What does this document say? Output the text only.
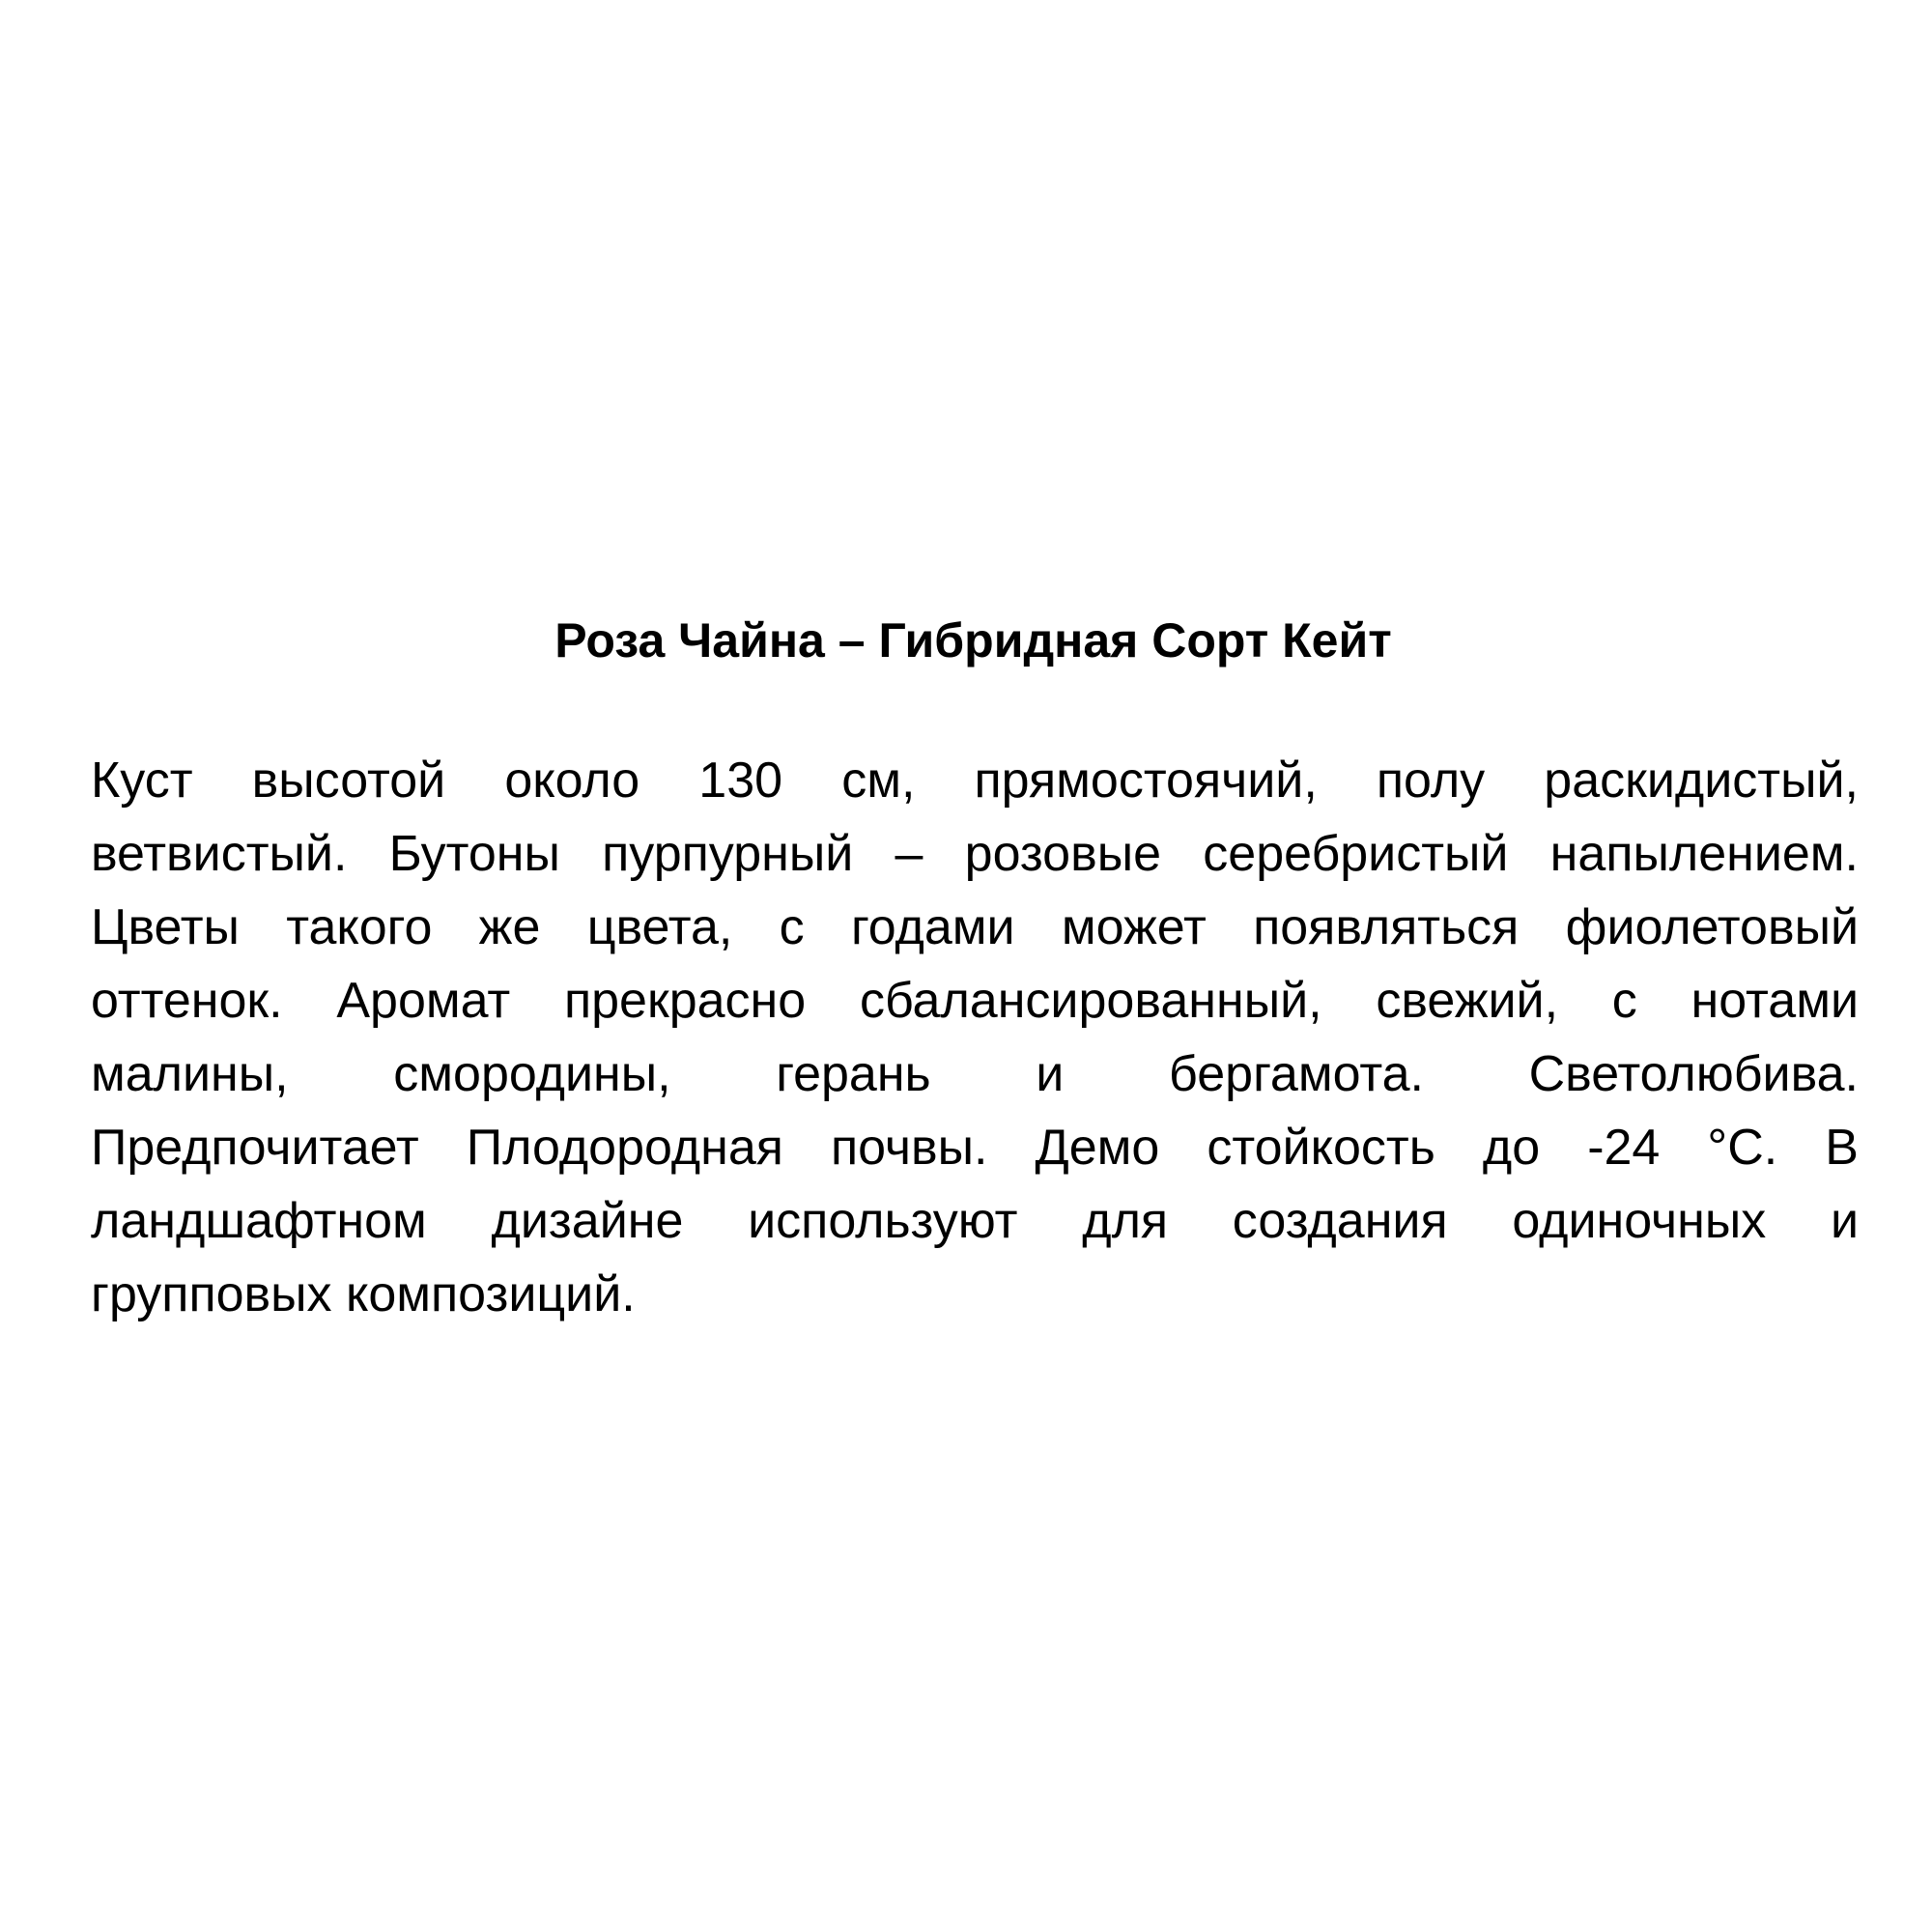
Роза Чайна – Гибридная Сорт Кейт
Куст высотой около 130 см, прямостоячий, полу раскидистый,
ветвистый. Бутоны пурпурный – розовые серебристый напылением.
Цветы такого же цвета, с годами может появляться фиолетовый
оттенок. Аромат прекрасно сбалансированный, свежий, с нотами
малины, смородины, герань и бергамота. Светолюбива.
Предпочитает Плодородная почвы. Демо стойкость до -24 °С. В
ландшафтном дизайне используют для создания одиночных и
групповых композиций.
